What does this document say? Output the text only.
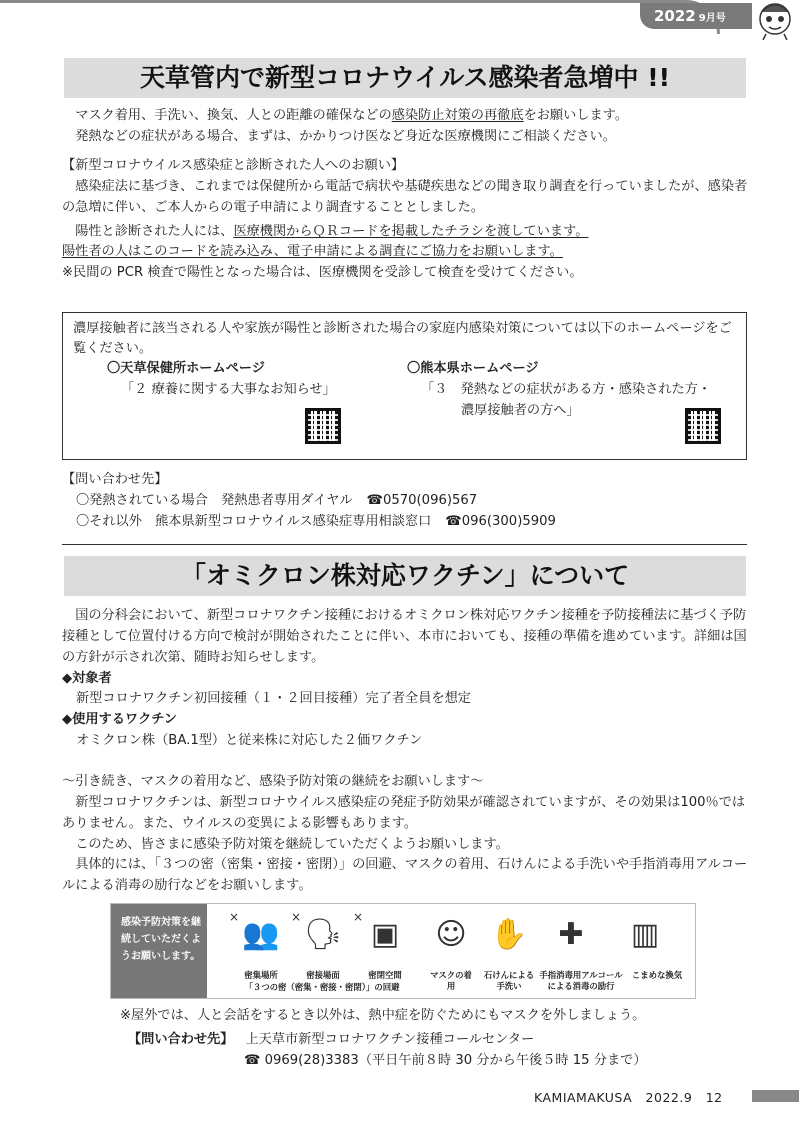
2022 9月号
天草管内で新型コロナウイルス感染者急増中 !!
マスク着用、手洗い、換気、人との距離の確保などの感染防止対策の再徹底をお願いします。
発熱などの症状がある場合、まずは、かかりつけ医など身近な医療機関にご相談ください。
【新型コロナウイルス感染症と診断された人へのお願い】
感染症法に基づき、これまでは保健所から電話で病状や基礎疾患などの聞き取り調査を行っていましたが、感染者の急増に伴い、ご本人からの電子申請により調査することとしました。
陽性と診断された人には、医療機関からＱＲコードを掲載したチラシを渡しています。
陽性者の人はこのコードを読み込み、電子申請による調査にご協力をお願いします。
※民間の PCR 検査で陽性となった場合は、医療機関を受診して検査を受けてください。
濃厚接触者に該当される人や家族が陽性と診断された場合の家庭内感染対策については以下のホームページをご覧ください。
〇天草保健所ホームページ
「２ 療養に関する大事なお知らせ」
〇熊本県ホームページ
「３　発熱などの症状がある方・感染された方・
濃厚接触者の方へ」
【問い合わせ先】
〇発熱されている場合　発熱患者専用ダイヤル ☎0570(096)567
〇それ以外　熊本県新型コロナウイルス感染症専用相談窓口 ☎096(300)5909
「オミクロン株対応ワクチン」について
国の分科会において、新型コロナワクチン接種におけるオミクロン株対応ワクチン接種を予防接種法に基づく予防接種として位置付ける方向で検討が開始されたことに伴い、本市においても、接種の準備を進めています。詳細は国の方針が示され次第、随時お知らせします。
◆対象者
新型コロナワクチン初回接種（１・２回目接種）完了者全員を想定
◆使用するワクチン
オミクロン株（BA.1型）と従来株に対応した２価ワクチン
～引き続き、マスクの着用など、感染予防対策の継続をお願いします～
新型コロナワクチンは、新型コロナウイルス感染症の発症予防効果が確認されていますが、その効果は100％ではありません。また、ウイルスの変異による影響もあります。
このため、皆さまに感染予防対策を継続していただくようお願いします。
具体的には、「３つの密（密集・密接・密閉）」の回避、マスクの着用、石けんによる手洗いや手指消毒用アルコールによる消毒の励行などをお願いします。
感染予防対策を継続していただくようお願いします。
× 👥 × 🗣 × ▣	☺ ✋	✚	▥
密集場所	密接場面	密閉空間
「３つの密（密集・密接・密閉）」の回避
マスクの着用
石けんによる手洗い
手指消毒用アルコールによる消毒の励行
こまめな換気
※屋外では、人と会話をするとき以外は、熱中症を防ぐためにもマスクを外しましょう。
【問い合わせ先】 上天草市新型コロナワクチン接種コールセンター
☎ 0969(28)3383（平日午前８時 30 分から午後５時 15 分まで）
KAMIAMAKUSA 2022.9 12
